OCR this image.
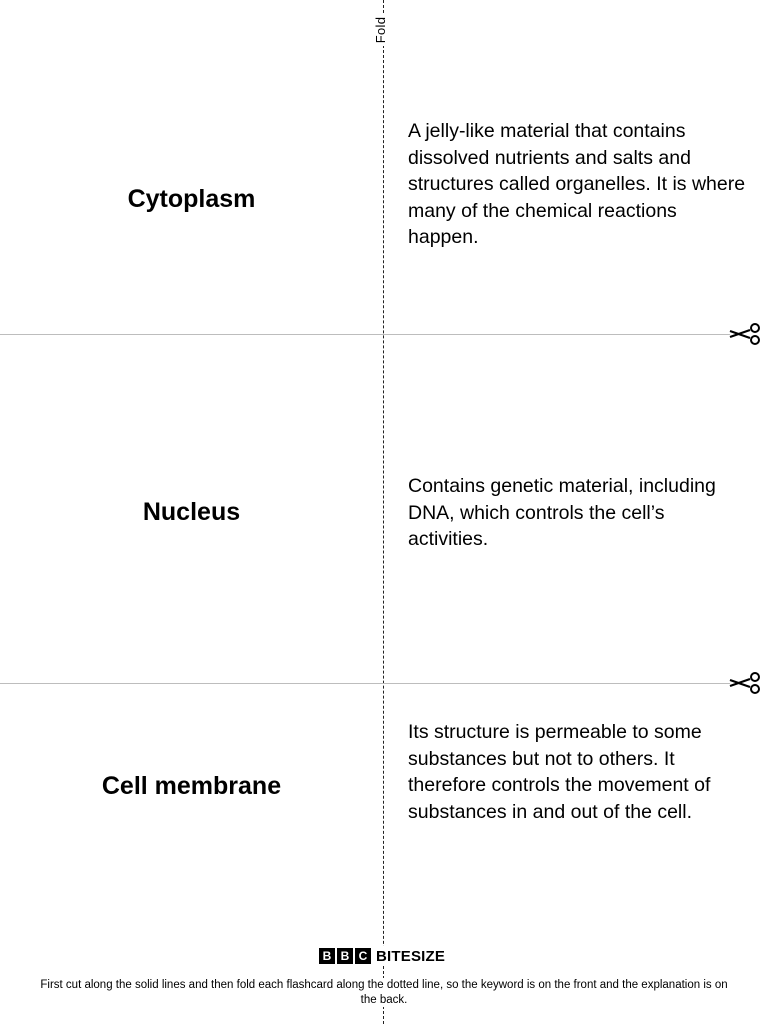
Fold
Cytoplasm
A jelly-like material that contains dissolved nutrients and salts and structures called organelles. It is where many of the chemical reactions happen.
Nucleus
Contains genetic material, including DNA, which controls the cell’s activities.
Cell membrane
Its structure is permeable to some substances but not to others. It therefore controls the movement of substances in and out of the cell.
B B C BITESIZE
First cut along the solid lines and then fold each flashcard along the dotted line, so the keyword is on the front and the explanation is on the back.
